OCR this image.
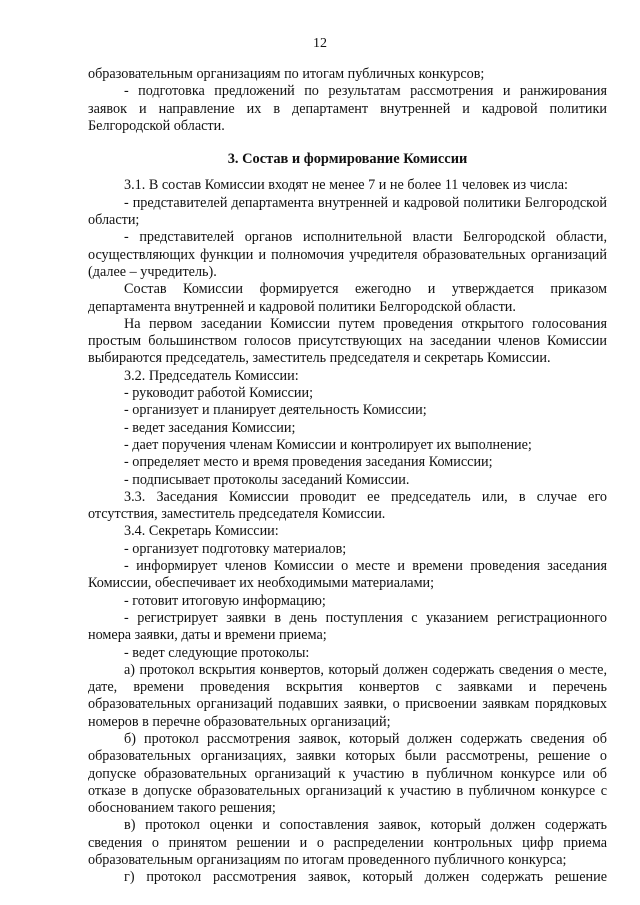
12

образовательным организациям по итогам публичных конкурсов;

- подготовка предложений по результатам рассмотрения и ранжирования заявок и направление их в департамент внутренней и кадровой политики Белгородской области.

3. Состав и формирование Комиссии

3.1. В состав Комиссии входят не менее 7 и не более 11 человек из числа:

- представителей департамента внутренней и кадровой политики Белгородской области;

- представителей органов исполнительной власти Белгородской области, осуществляющих функции и полномочия учредителя образовательных организаций (далее – учредитель).

Состав Комиссии формируется ежегодно и утверждается приказом департамента внутренней и кадровой политики Белгородской области.

На первом заседании Комиссии путем проведения открытого голосования простым большинством голосов присутствующих на заседании членов Комиссии выбираются председатель, заместитель председателя и секретарь Комиссии.

3.2. Председатель Комиссии:

- руководит работой Комиссии;

- организует и планирует деятельность Комиссии;

- ведет заседания Комиссии;

- дает поручения членам Комиссии и контролирует их выполнение;

- определяет место и время проведения заседания Комиссии;

- подписывает протоколы заседаний Комиссии.

3.3. Заседания Комиссии проводит ее председатель или, в случае его отсутствия, заместитель председателя Комиссии.

3.4. Секретарь Комиссии:

- организует подготовку материалов;

- информирует членов Комиссии о месте и времени проведения заседания Комиссии, обеспечивает их необходимыми материалами;

- готовит итоговую информацию;

- регистрирует заявки в день поступления с указанием регистрационного номера заявки, даты и времени приема;

- ведет следующие протоколы:

а) протокол вскрытия конвертов, который должен содержать сведения о месте, дате, времени проведения вскрытия конвертов с заявками и перечень образовательных организаций подавших заявки, о присвоении заявкам порядковых номеров в перечне образовательных организаций;

б) протокол рассмотрения заявок, который должен содержать сведения об образовательных организациях, заявки которых были рассмотрены, решение о допуске образовательных организаций к участию в публичном конкурсе или об отказе в допуске образовательных организаций к участию в публичном конкурсе с обоснованием такого решения;

в) протокол оценки и сопоставления заявок, который должен содержать сведения о принятом решении и о распределении контрольных цифр приема образовательным организациям по итогам проведенного публичного конкурса;

г) протокол рассмотрения заявок, который должен содержать решение
